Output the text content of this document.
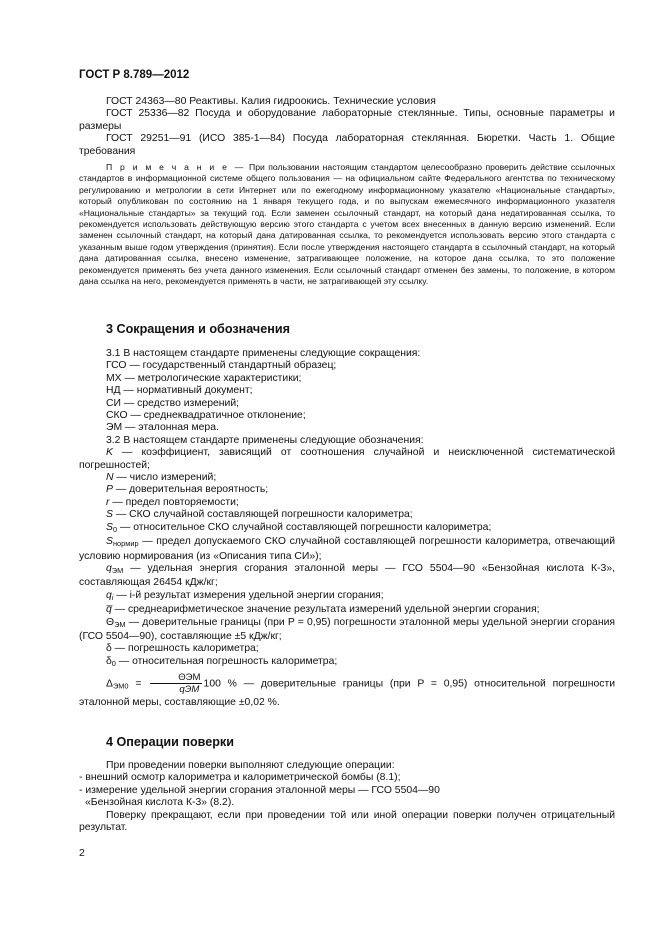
ГОСТ Р 8.789—2012

ГОСТ 24363—80 Реактивы. Калия гидроокись. Технические условия

ГОСТ 25336—82 Посуда и оборудование лабораторные стеклянные. Типы, основные параметры и размеры

ГОСТ 29251—91 (ИСО 385-1—84) Посуда лабораторная стеклянная. Бюретки. Часть 1. Общие требования

П р и м е ч а н и е — При пользовании настоящим стандартом целесообразно проверить действие ссылочных стандартов в информационной системе общего пользования — на официальном сайте Федерального агентства по техническому регулированию и метрологии в сети Интернет или по ежегодному информационному указателю «Национальные стандарты», который опубликован по состоянию на 1 января текущего года, и по выпускам ежемесячного информационного указателя «Национальные стандарты» за текущий год. Если заменен ссылочный стандарт, на который дана недатированная ссылка, то рекомендуется использовать действующую версию этого стандарта с учетом всех внесенных в данную версию изменений. Если заменен ссылочный стандарт, на который дана датированная ссылка, то рекомендуется использовать версию этого стандарта с указанным выше годом утверждения (принятия). Если после утверждения настоящего стандарта в ссылочный стандарт, на который дана датированная ссылка, внесено изменение, затрагивающее положение, на которое дана ссылка, то это положение рекомендуется применять без учета данного изменения. Если ссылочный стандарт отменен без замены, то положение, в котором дана ссылка на него, рекомендуется применять в части, не затрагивающей эту ссылку.
3 Сокращения и обозначения

3.1 В настоящем стандарте применены следующие сокращения:

ГСО — государственный стандартный образец;
МХ — метрологические характеристики;
НД — нормативный документ;
СИ — средство измерений;
СКО — среднеквадратичное отклонение;
ЭМ — эталонная мера.

3.2 В настоящем стандарте применены следующие обозначения:

K — коэффициент, зависящий от соотношения случайной и неисключенной систематической погрешностей;

N — число измерений;

P — доверительная вероятность;

r — предел повторяемости;

S — СКО случайной составляющей погрешности калориметра;

$S_0$ — относительное СКО случайной составляющей погрешности калориметра;

$S_{нормир}$ — предел допускаемого СКО случайной составляющей погрешности калориметра, отвечающий условию нормирования (из «Описания типа СИ»);

$q_{ЭМ}$ — удельная энергия сгорания эталонной меры — ГСО 5504—90 «Бензойная кислота К-3», составляющая 26454 кДж/кг;

$q_i$ — i-й результат измерения удельной энергии сгорания;

q̅ — среднеарифметическое значение результата измерений удельной энергии сгорания;

$\Theta_{ЭМ}$ — доверительные границы (при P = 0,95) погрешности эталонной меры удельной энергии сгорания (ГСО 5504—90), составляющие ±5 кДж/кг;

δ — погрешность калориметра;

$\delta_0$ — относительная погрешность калориметра;

$\Delta_{ЭМ0} = \frac{\text{ΘЭМ}}{\text{qЭМ}} 100$ % — доверительные границы (при P = 0,95) относительной погрешности эталонной меры, составляющие ±0,02 %.

4 Операции поверки

При проведении поверки выполняют следующие операции:

- внешний осмотр калориметра и калориметрической бомбы (8.1);
- измерение удельной энергии сгорания эталонной меры — ГСО 5504—90
«Бензойная кислота К-3» (8.2).

Поверку прекращают, если при проведении той или иной операции поверки получен отрицательный результат.

2
